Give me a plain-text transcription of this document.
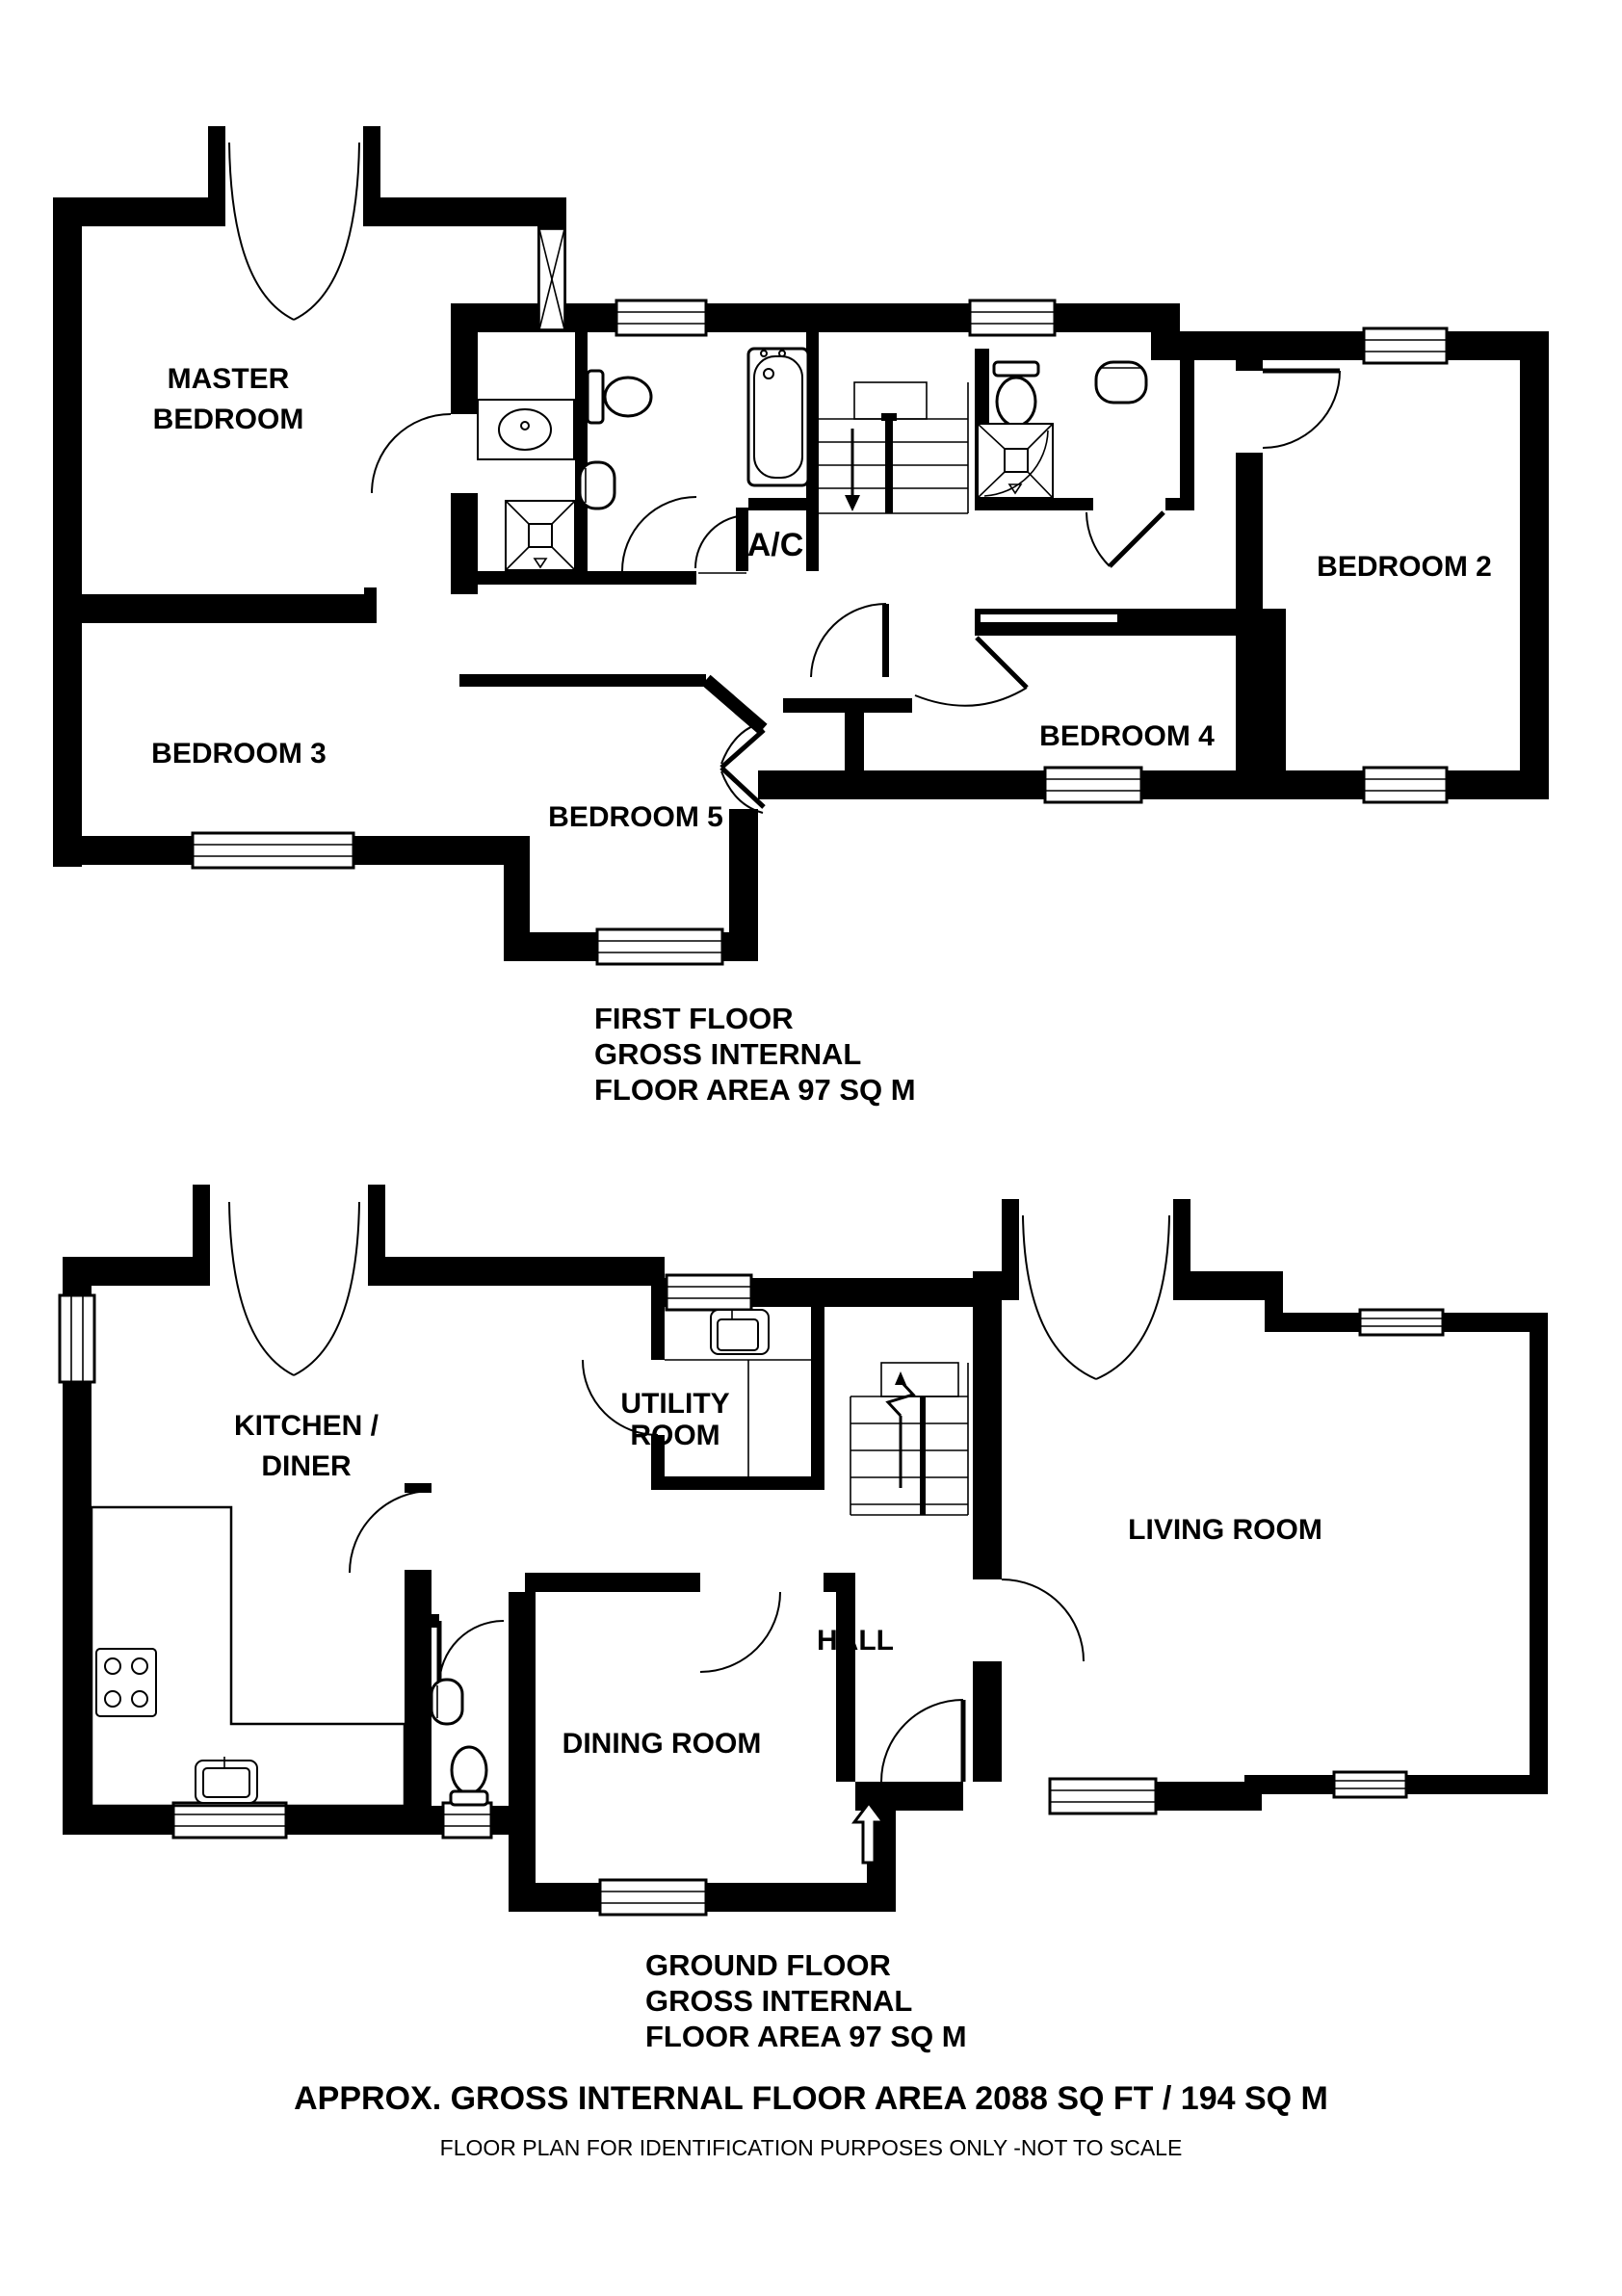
MASTER
BEDROOM
BEDROOM 2
BEDROOM 3
BEDROOM 4
BEDROOM 5
A/C
FIRST FLOOR
GROSS INTERNAL
FLOOR AREA 97 SQ M
KITCHEN /
DINER
UTILITY
ROOM
LIVING ROOM
HALL
DINING ROOM
GROUND FLOOR
GROSS INTERNAL
FLOOR AREA 97 SQ M
APPROX. GROSS INTERNAL FLOOR AREA 2088 SQ FT / 194 SQ M
FLOOR PLAN FOR IDENTIFICATION PURPOSES ONLY -NOT TO SCALE
